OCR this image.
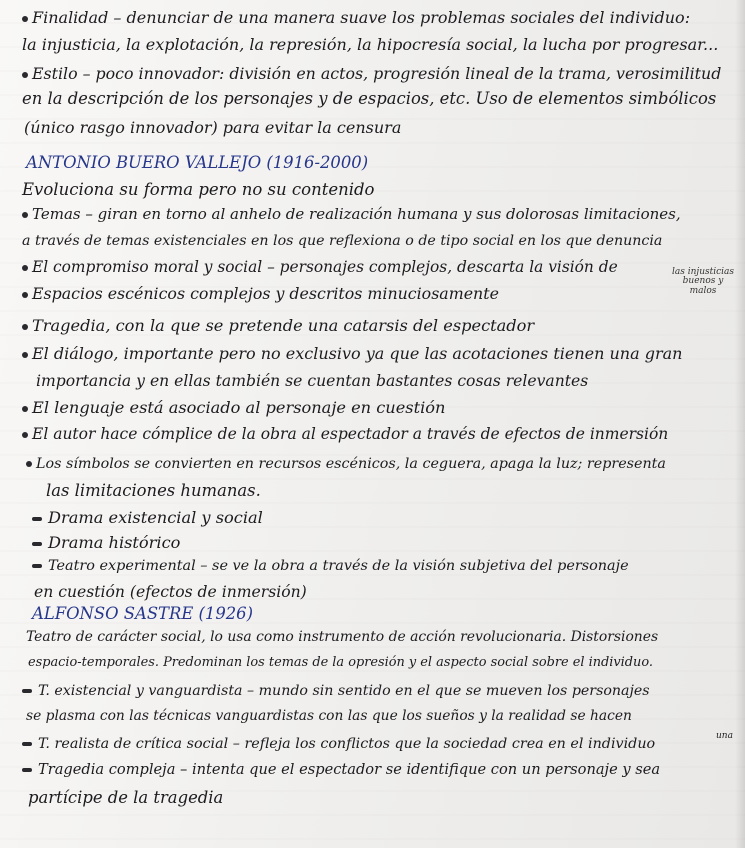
Finalidad – denunciar de una manera suave los problemas sociales del individuo:
la injusticia, la explotación, la represión, la hipocresía social, la lucha por progresar...
Estilo – poco innovador: división en actos, progresión lineal de la trama, verosimilitud
en la descripción de los personajes y de espacios, etc. Uso de elementos simbólicos
(único rasgo innovador) para evitar la censura
ANTONIO BUERO VALLEJO (1916-2000)
Evoluciona su forma pero no su contenido
Temas – giran en torno al anhelo de realización humana y sus dolorosas limitaciones,
a través de temas existenciales en los que reflexiona o de tipo social en los que denuncia
El compromiso moral y social – personajes complejos, descarta la visión de	las injusticias
buenos y
malos
Espacios escénicos complejos y descritos minuciosamente
Tragedia, con la que se pretende una catarsis del espectador
El diálogo, importante pero no exclusivo ya que las acotaciones tienen una gran
importancia y en ellas también se cuentan bastantes cosas relevantes
El lenguaje está asociado al personaje en cuestión
El autor hace cómplice de la obra al espectador a través de efectos de inmersión
Los símbolos se convierten en recursos escénicos, la ceguera, apaga la luz; representa
las limitaciones humanas.
Drama existencial y social
Drama histórico
Teatro experimental – se ve la obra a través de la visión subjetiva del personaje
en cuestión (efectos de inmersión)
ALFONSO SASTRE (1926)
Teatro de carácter social, lo usa como instrumento de acción revolucionaria. Distorsiones
espacio-temporales. Predominan los temas de la opresión y el aspecto social sobre el individuo.
T. existencial y vanguardista – mundo sin sentido en el que se mueven los personajes
se plasma con las técnicas vanguardistas con las que los sueños y la realidad se hacen
una
T. realista de crítica social – refleja los conflictos que la sociedad crea en el individuo
Tragedia compleja – intenta que el espectador se identifique con un personaje y sea
partícipe de la tragedia
